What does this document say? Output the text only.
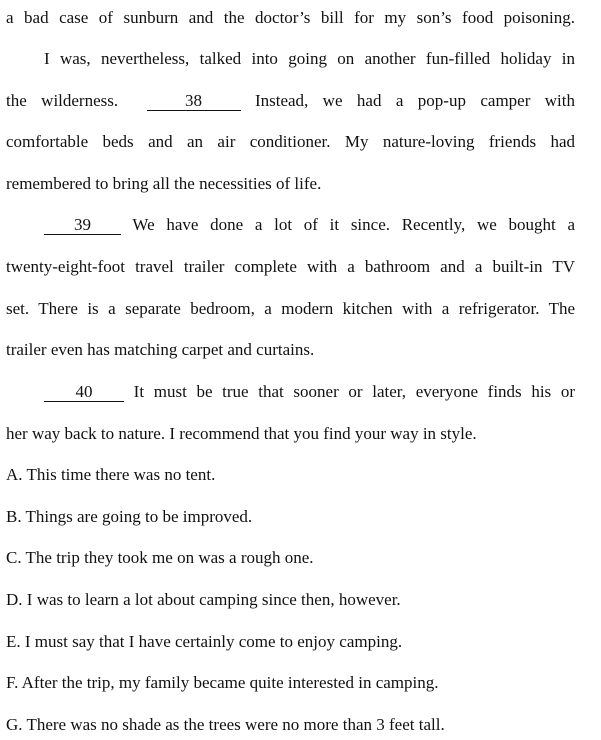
a bad case of sunburn and the doctor’s bill for my son’s food poisoning.
I was, nevertheless, talked into going on another fun-filled holiday in
the wilderness.	38	Instead, we had a pop-up camper with
comfortable beds and an air conditioner. My nature-loving friends had
remembered to bring all the necessities of life.
39 We have done a lot of it since. Recently, we bought a
twenty-eight-foot travel trailer complete with a bathroom and a built-in TV
set. There is a separate bedroom, a modern kitchen with a refrigerator. The
trailer even has matching carpet and curtains.
40 It must be true that sooner or later, everyone finds his or
her way back to nature. I recommend that you find your way in style.
A. This time there was no tent.
B. Things are going to be improved.
C. The trip they took me on was a rough one.
D. I was to learn a lot about camping since then, however.
E. I must say that I have certainly come to enjoy camping.
F. After the trip, my family became quite interested in camping.
G. There was no shade as the trees were no more than 3 feet tall.
